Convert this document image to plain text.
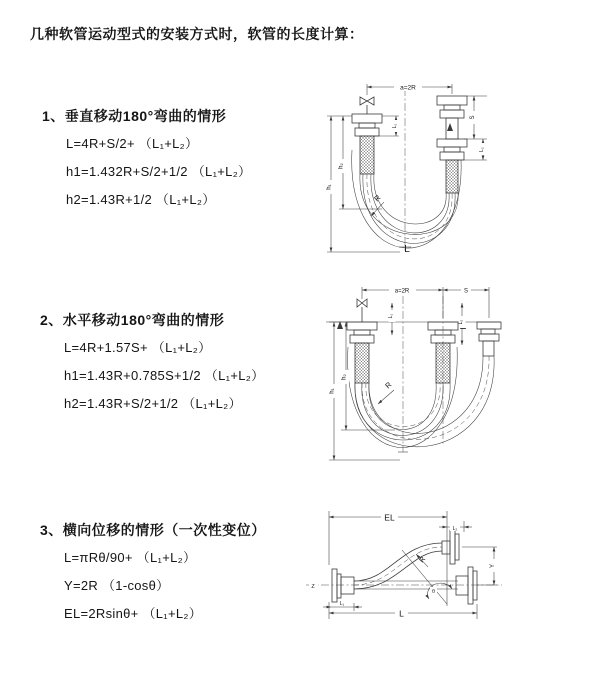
几种软管运动型式的安装方式时，软管的长度计算：
1、垂直移动180°弯曲的情形
L=4R+S/2+ （L₁+L₂）
h1=1.432R+S/2+1/2 （L₁+L₂）
h2=1.43R+1/2 （L₁+L₂）
a=2R
h₁
h₂
L₁
S
L₂
R
L
2、水平移动180°弯曲的情形
L=4R+1.57S+ （L₁+L₂）
h1=1.43R+0.785S+1/2 （L₁+L₂）
h2=1.43R+S/2+1/2 （L₁+L₂）
a=2R	S
L₁
L₂
h₁
h₂
R
3、横向位移的情形（一次性变位）
L=πRθ/90+ （L₁+L₂）
Y=2R （1-cosθ）
EL=2Rsinθ+ （L₁+L₂）
Z
EL
L₂
Y
L
L₁
θ
R
